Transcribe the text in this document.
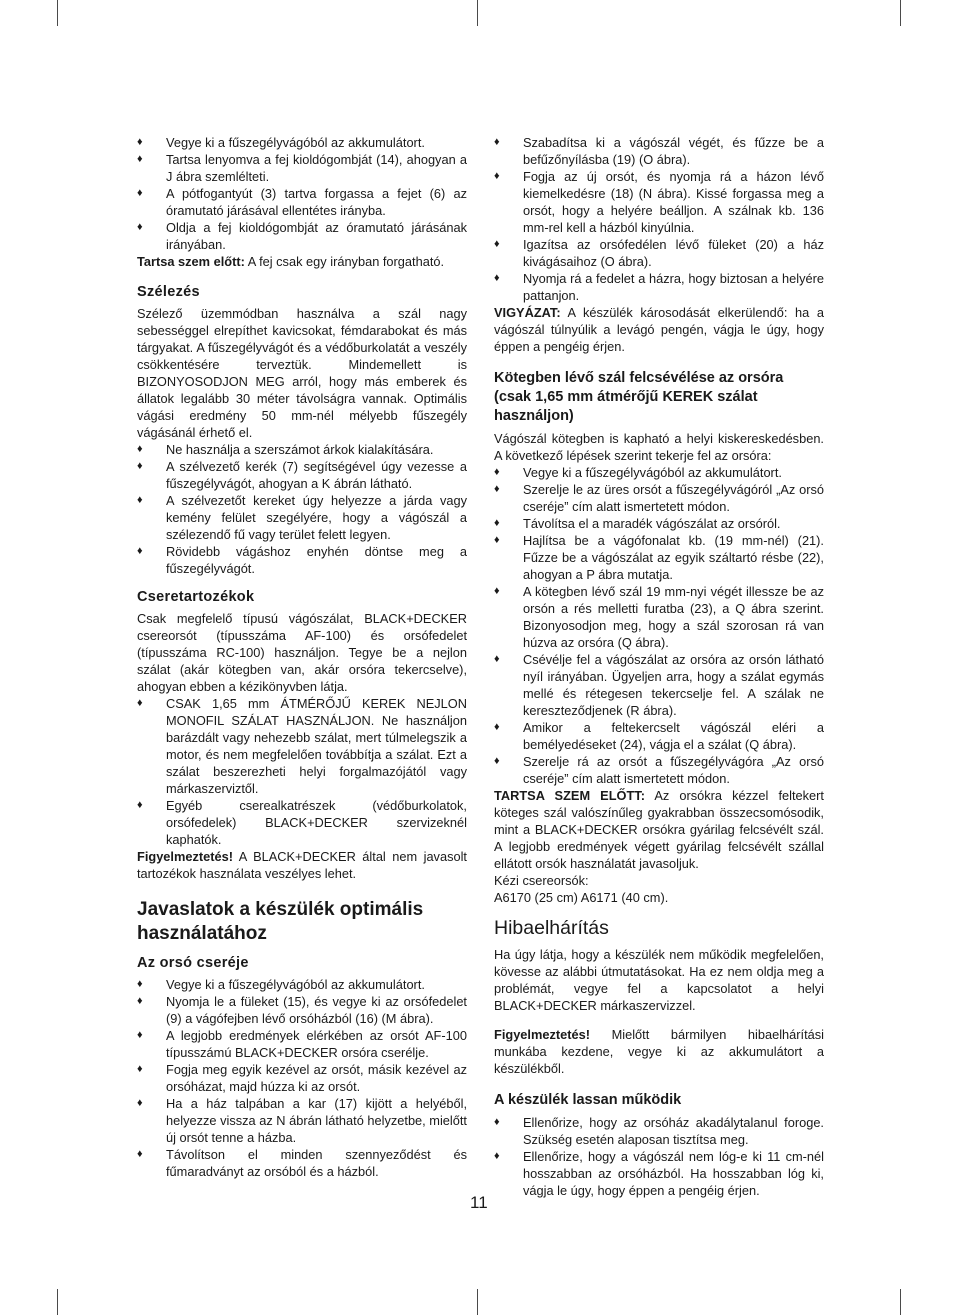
♦ Vegye ki a fűszegélyvágóból az akkumulátort.
♦ Tartsa lenyomva a fej kioldógombját (14), ahogyan a J ábra szemlélteti.
♦ A pótfogantyút (3) tartva forgassa a fejet (6) az óramutató járásával ellentétes irányba.
♦ Oldja a fej kioldógombját az óramutató járásának irányában.

Tartsa szem előtt: A fej csak egy irányban forgatható.

Szélezés

Szélező üzemmódban használva a szál nagy sebességgel elrepíthet kavicsokat, fémdarabokat és más tárgyakat. A fűszegélyvágót és a védőburkolatát a veszély csökkentésére terveztük. Mindemellett is BIZONYOSODJON MEG arról, hogy más emberek és állatok legalább 30 méter távolságra vannak. Optimális vágási eredmény 50 mm-nél mélyebb fűszegély vágásánál érhető el.

♦ Ne használja a szerszámot árkok kialakítására.
♦ A szélvezető kerék (7) segítségével úgy vezesse a fűszegélyvágót, ahogyan a K ábrán látható.
♦ A szélvezetőt kereket úgy helyezze a járda vagy kemény felület szegélyére, hogy a vágószál a szélezendő fű vagy terület felett legyen.
♦ Rövidebb vágáshoz enyhén döntse meg a fűszegélyvágót.
Cseretartozékok

Csak megfelelő típusú vágószálat, BLACK+DECKER csereorsót (típusszáma AF-100) és orsófedelet (típusszáma RC-100) használjon. Tegye be a nejlon szálat (akár kötegben van, akár orsóra tekercselve), ahogyan ebben a kézikönyvben látja.

♦ CSAK 1,65 mm ÁTMÉRŐJŰ KEREK NEJLON MONOFIL SZÁLAT HASZNÁLJON. Ne használjon barázdált vagy nehezebb szálat, mert túlmelegszik a motor, és nem megfelelően továbbítja a szálat. Ezt a szálat beszerezheti helyi forgalmazójától vagy márkaszerviztől.
♦ Egyéb cserealkatrészek (védőburkolatok, orsófedelek) BLACK+DECKER szervizeknél kaphatók.

Figyelmeztetés! A BLACK+DECKER által nem javasolt tartozékok használata veszélyes lehet.

Javaslatok a készülék optimális használatához
Az orsó cseréje
♦ Vegye ki a fűszegélyvágóból az akkumulátort.
♦ Nyomja le a füleket (15), és vegye ki az orsófedelet (9) a vágófejben lévő orsóházból (16) (M ábra).
♦ A legjobb eredmények elérkében az orsót AF-100 típusszámú BLACK+DECKER orsóra cserélje.
♦ Fogja meg egyik kezével az orsót, másik kezével az orsóházat, majd húzza ki az orsót.
♦ Ha a ház talpában a kar (17) kijött a helyéből, helyezze vissza az N ábrán látható helyzetbe, mielőtt új orsót tenne a házba.
♦ Távolítson el minden szennyeződést és fűmaradványt az orsóból és a házból.
♦ Szabadítsa ki a vágószál végét, és fűzze be a befűzőnyílásba (19) (O ábra).
♦ Fogja az új orsót, és nyomja rá a házon lévő kiemelkedésre (18) (N ábra). Kissé forgassa meg a orsót, hogy a helyére beálljon. A szálnak kb. 136 mm-rel kell a házból kinyúlnia.
♦ Igazítsa az orsófedélen lévő füleket (20) a ház kivágásaihoz (O ábra).
♦ Nyomja rá a fedelet a házra, hogy biztosan a helyére pattanjon.

VIGYÁZAT: A készülék károsodását elkerülendő: ha a vágószál túlnyúlik a levágó pengén, vágja le úgy, hogy éppen a pengéig érjen.

Kötegben lévő szál felcsévélése az orsóra (csak 1,65 mm átmérőjű KEREK szálat használjon)

Vágószál kötegben is kapható a helyi kiskereskedésben. A következő lépések szerint tekerje fel az orsóra:

♦ Vegye ki a fűszegélyvágóból az akkumulátort.
♦ Szerelje le az üres orsót a fűszegélyvágóról „Az orsó cseréje” cím alatt ismertetett módon.
♦ Távolítsa el a maradék vágószálat az orsóról.
♦ Hajlítsa be a vágófonalat kb. (19 mm-nél) (21). Fűzze be a vágószálat az egyik száltartó résbe (22), ahogyan a P ábra mutatja.
♦ A kötegben lévő szál 19 mm-nyi végét illessze be az orsón a rés melletti furatba (23), a Q ábra szerint. Bizonyosodjon meg, hogy a szál szorosan rá van húzva az orsóra (Q ábra).
♦ Csévélje fel a vágószálat az orsóra az orsón látható nyíl irányában. Ügyeljen arra, hogy a szálat egymás mellé és rétegesen tekercselje fel. A szálak ne kereszteződjenek (R ábra).
♦ Amikor a feltekercselt vágószál eléri a bemélyedéseket (24), vágja el a szálat (Q ábra).
♦ Szerelje rá az orsót a fűszegélyvágóra „Az orsó cseréje” cím alatt ismertetett módon.

TARTSA SZEM ELŐTT: Az orsókra kézzel feltekert köteges szál valószínűleg gyakrabban összecsomósodik, mint a BLACK+DECKER orsókra gyárilag felcsévélt szál. A legjobb eredmények végett gyárilag felcsévélt szállal ellátott orsók használatát javasoljuk.

Kézi csereorsók:

A6170 (25 cm) A6171 (40 cm).

Hibaelhárítás

Ha úgy látja, hogy a készülék nem működik megfelelően, kövesse az alábbi útmutatásokat. Ha ez nem oldja meg a problémát, vegye fel a kapcsolatot a helyi BLACK+DECKER márkaszervizzel.

Figyelmeztetés! Mielőtt bármilyen hibaelhárítási munkába kezdene, vegye ki az akkumulátort a készülékből.

A készülék lassan működik
♦ Ellenőrize, hogy az orsóház akadálytalanul foroge. Szükség esetén alaposan tisztítsa meg.
♦ Ellenőrize, hogy a vágószál nem lóg-e ki 11 cm-nél hosszabban az orsóházból. Ha hosszabban lóg ki, vágja le úgy, hogy éppen a pengéig érjen.
11
